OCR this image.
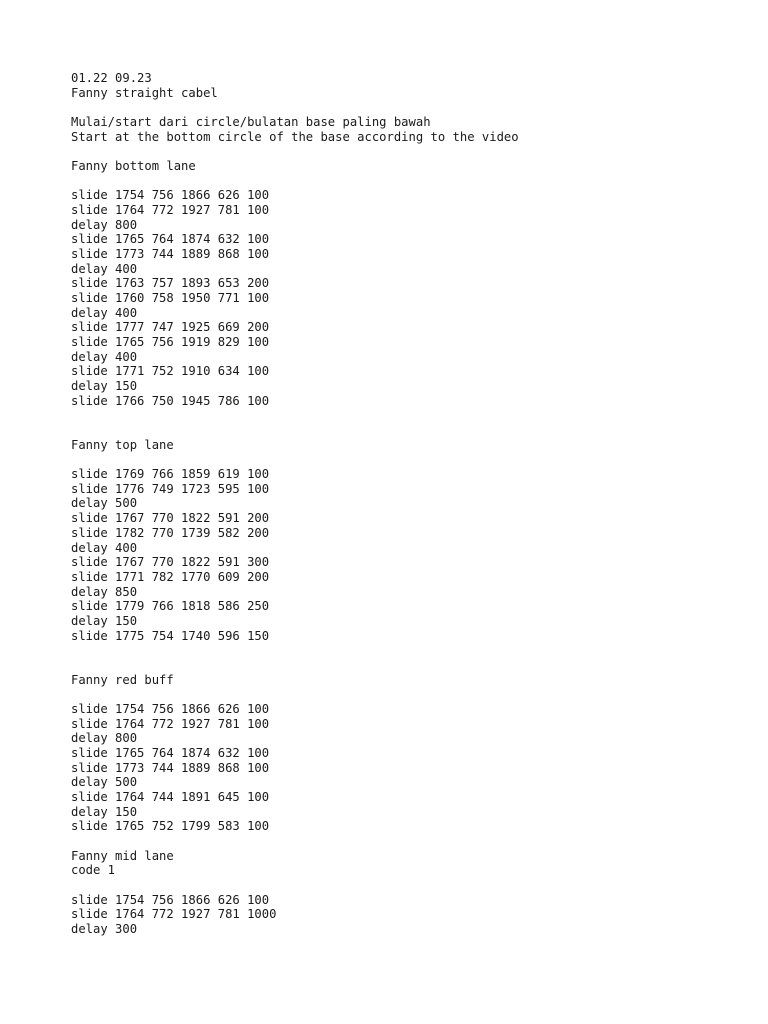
01.22 09.23
Fanny straight cabel
Mulai/start dari circle/bulatan base paling bawah
Start at the bottom circle of the base according to the video
Fanny bottom lane
slide 1754 756 1866 626 100
slide 1764 772 1927 781 100
delay 800
slide 1765 764 1874 632 100
slide 1773 744 1889 868 100
delay 400
slide 1763 757 1893 653 200
slide 1760 758 1950 771 100
delay 400
slide 1777 747 1925 669 200
slide 1765 756 1919 829 100
delay 400
slide 1771 752 1910 634 100
delay 150
slide 1766 750 1945 786 100
Fanny top lane
slide 1769 766 1859 619 100
slide 1776 749 1723 595 100
delay 500
slide 1767 770 1822 591 200
slide 1782 770 1739 582 200
delay 400
slide 1767 770 1822 591 300
slide 1771 782 1770 609 200
delay 850
slide 1779 766 1818 586 250
delay 150
slide 1775 754 1740 596 150
Fanny red buff
slide 1754 756 1866 626 100
slide 1764 772 1927 781 100
delay 800
slide 1765 764 1874 632 100
slide 1773 744 1889 868 100
delay 500
slide 1764 744 1891 645 100
delay 150
slide 1765 752 1799 583 100
Fanny mid lane
code 1
slide 1754 756 1866 626 100
slide 1764 772 1927 781 1000
delay 300
